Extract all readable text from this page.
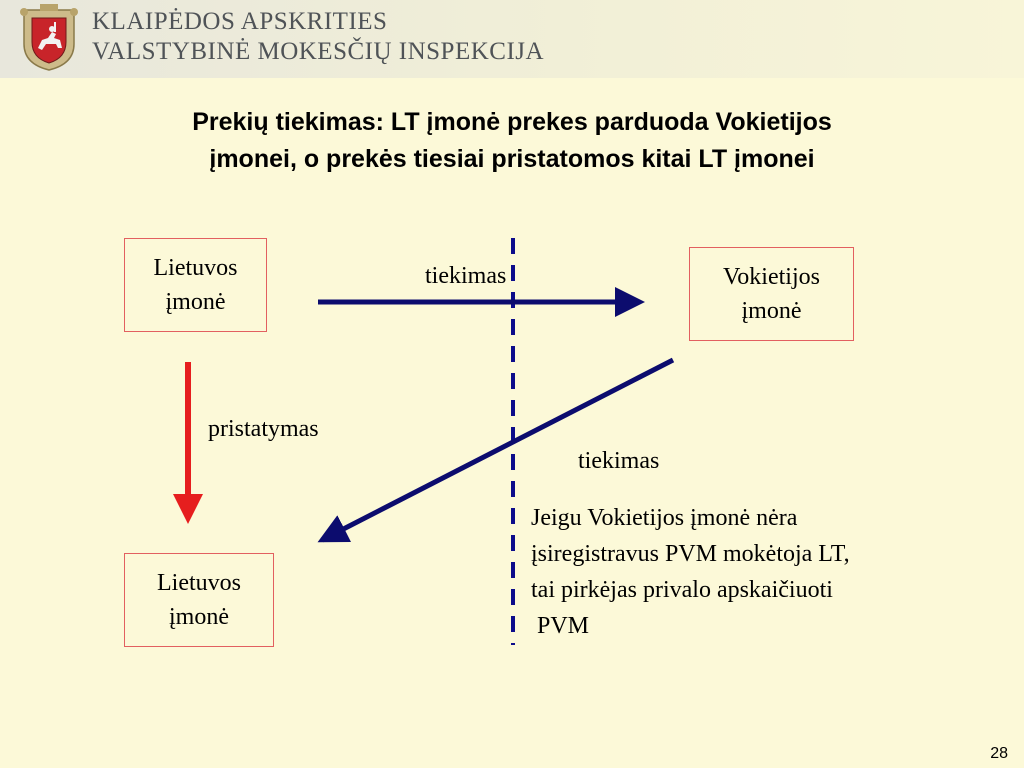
KLAIPĖDOS APSKRITIES
VALSTYBINĖ MOKESČIŲ INSPEKCIJA
Prekių tiekimas: LT įmonė prekes parduoda Vokietijos
įmonei, o prekės tiesiai pristatomos kitai LT įmonei
Lietuvos
įmonė
Vokietijos
įmonė
Lietuvos
įmonė
tiekimas
pristatymas
tiekimas
Jeigu Vokietijos įmonė nėra
įsiregistravus PVM mokėtoja LT,
tai pirkėjas privalo apskaičiuoti
PVM
28
